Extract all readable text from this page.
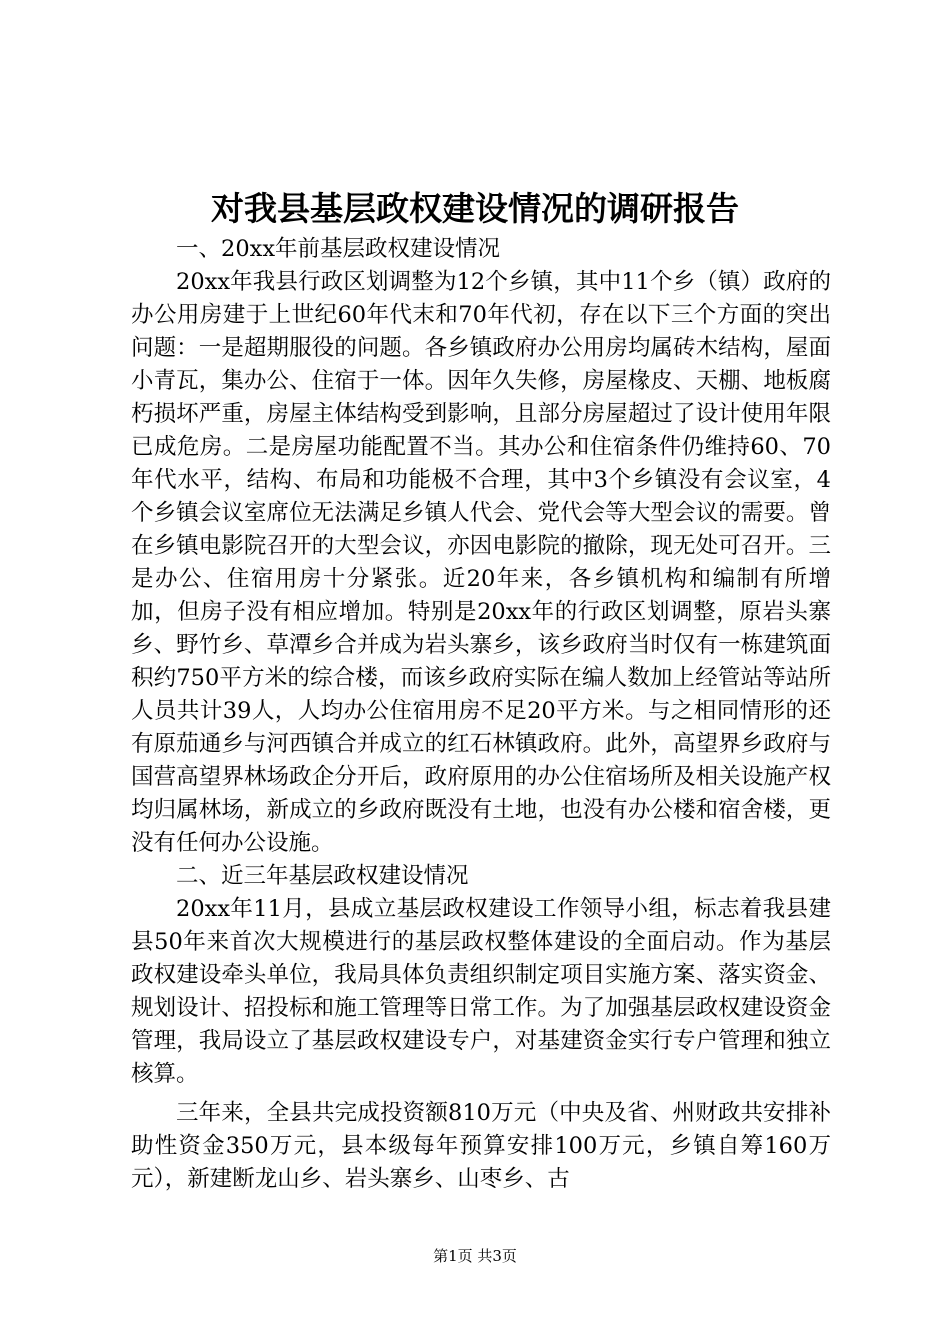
对我县基层政权建设情况的调研报告

一、20xx年前基层政权建设情况

20xx年我县行政区划调整为12个乡镇，其中11个乡（镇）政府的办公用房建于上世纪60年代末和70年代初，存在以下三个方面的突出问题：一是超期服役的问题。各乡镇政府办公用房均属砖木结构，屋面小青瓦，集办公、住宿于一体。因年久失修，房屋椽皮、天棚、地板腐朽损坏严重，房屋主体结构受到影响，且部分房屋超过了设计使用年限已成危房。二是房屋功能配置不当。其办公和住宿条件仍维持60、70年代水平，结构、布局和功能极不合理，其中3个乡镇没有会议室，4个乡镇会议室席位无法满足乡镇人代会、党代会等大型会议的需要。曾在乡镇电影院召开的大型会议，亦因电影院的撤除，现无处可召开。三是办公、住宿用房十分紧张。近20年来，各乡镇机构和编制有所增加，但房子没有相应增加。特别是20xx年的行政区划调整，原岩头寨乡、野竹乡、草潭乡合并成为岩头寨乡，该乡政府当时仅有一栋建筑面积约750平方米的综合楼，而该乡政府实际在编人数加上经管站等站所人员共计39人，人均办公住宿用房不足20平方米。与之相同情形的还有原茄通乡与河西镇合并成立的红石林镇政府。此外，高望界乡政府与国营高望界林场政企分开后，政府原用的办公住宿场所及相关设施产权均归属林场，新成立的乡政府既没有土地，也没有办公楼和宿舍楼，更没有任何办公设施。

二、近三年基层政权建设情况

20xx年11月，县成立基层政权建设工作领导小组，标志着我县建县50年来首次大规模进行的基层政权整体建设的全面启动。作为基层政权建设牵头单位，我局具体负责组织制定项目实施方案、落实资金、规划设计、招投标和施工管理等日常工作。为了加强基层政权建设资金管理，我局设立了基层政权建设专户，对基建资金实行专户管理和独立核算。

三年来，全县共完成投资额810万元（中央及省、州财政共安排补助性资金350万元，县本级每年预算安排100万元，乡镇自筹160万元），新建断龙山乡、岩头寨乡、山枣乡、古

第1页 共3页
